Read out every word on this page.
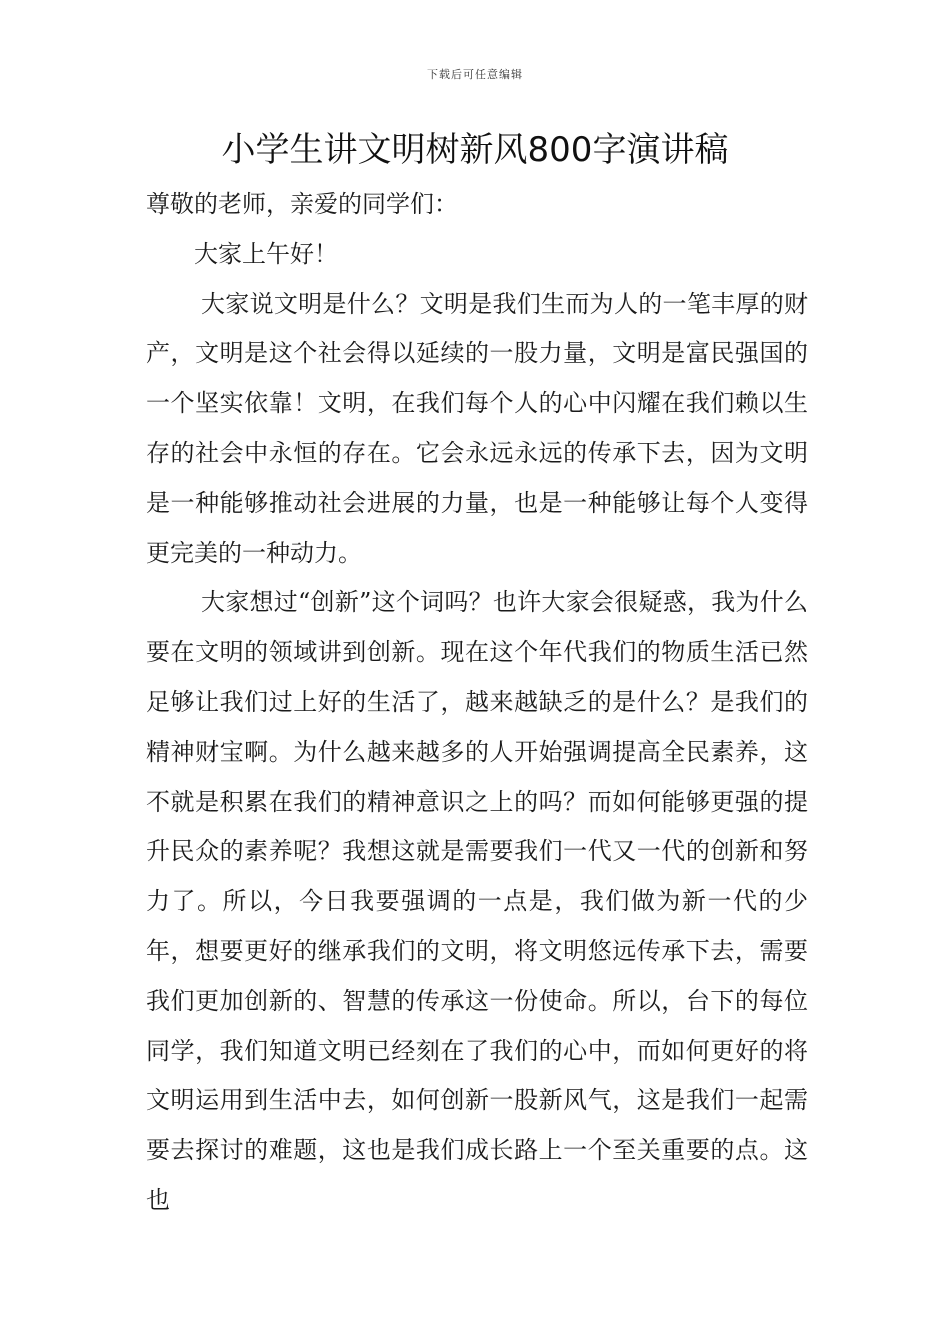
下载后可任意编辑
小学生讲文明树新风800字演讲稿

尊敬的老师，亲爱的同学们：

大家上午好！

大家说文明是什么？文明是我们生而为人的一笔丰厚的财产，文明是这个社会得以延续的一股力量，文明是富民强国的一个坚实依靠！文明，在我们每个人的心中闪耀在我们赖以生存的社会中永恒的存在。它会永远永远的传承下去，因为文明是一种能够推动社会进展的力量，也是一种能够让每个人变得更完美的一种动力。

大家想过“创新”这个词吗？也许大家会很疑惑，我为什么要在文明的领域讲到创新。现在这个年代我们的物质生活已然足够让我们过上好的生活了，越来越缺乏的是什么？是我们的精神财宝啊。为什么越来越多的人开始强调提高全民素养，这不就是积累在我们的精神意识之上的吗？而如何能够更强的提升民众的素养呢？我想这就是需要我们一代又一代的创新和努力了。所以，今日我要强调的一点是，我们做为新一代的少年，想要更好的继承我们的文明，将文明悠远传承下去，需要我们更加创新的、智慧的传承这一份使命。所以，台下的每位同学，我们知道文明已经刻在了我们的心中，而如何更好的将文明运用到生活中去，如何创新一股新风气，这是我们一起需要去探讨的难题，这也是我们成长路上一个至关重要的点。这也
